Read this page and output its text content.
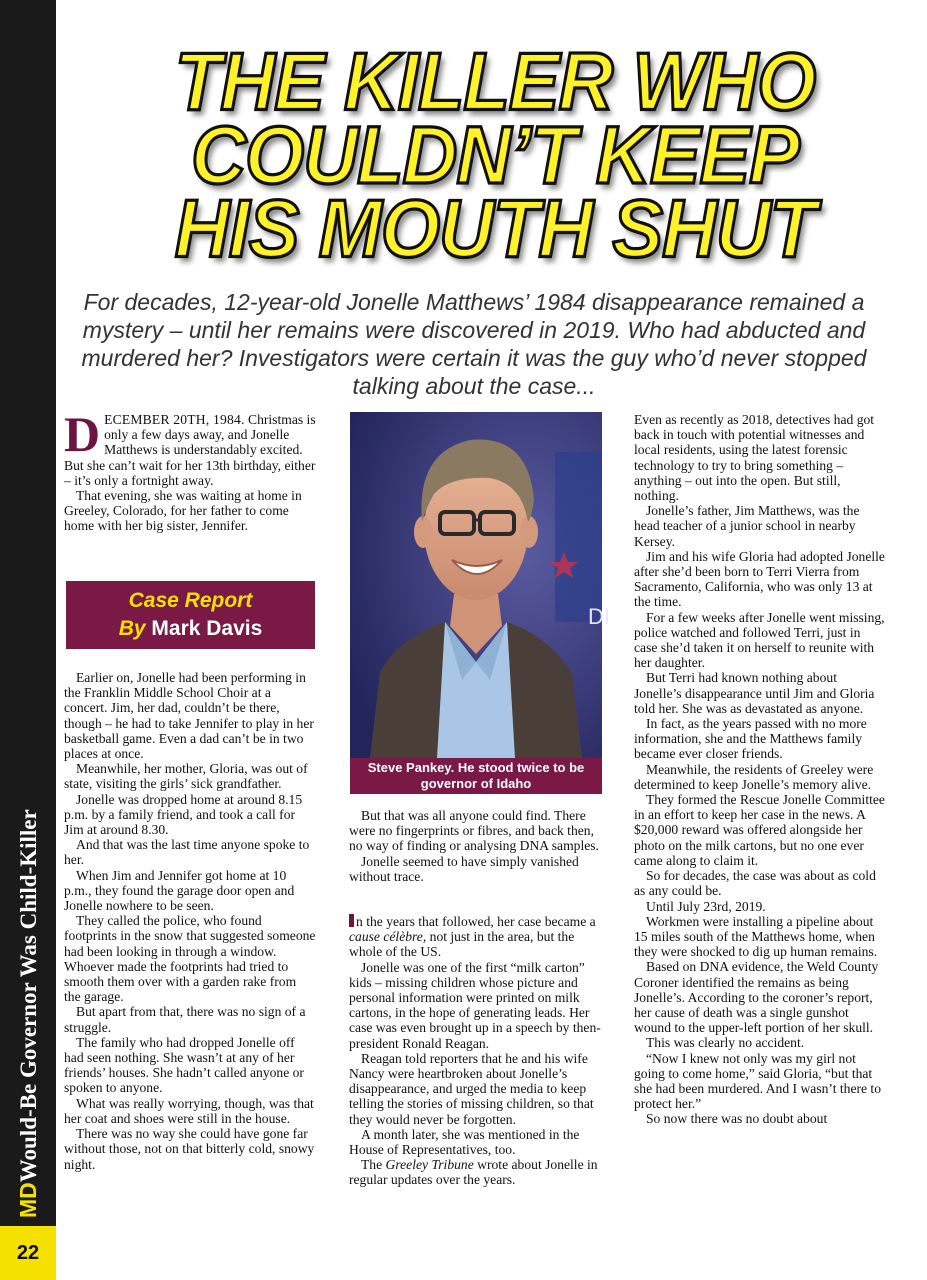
MDWould-Be Governor Was Child-Killer
22
THE KILLER WHO
COULDN’T KEEP
HIS MOUTH SHUT
For decades, 12-year-old Jonelle Matthews’ 1984 disappearance remained a mystery – until her remains were discovered in 2019. Who had abducted and murdered her? Investigators were certain it was the guy who’d never stopped talking about the case...

DECEMBER 20TH, 1984. Christmas is only a few days away, and Jonelle Matthews is understandably excited. But she can’t wait for her 13th birthday, either – it’s only a fortnight away.

That evening, she was waiting at home in Greeley, Colorado, for her father to come home with her big sister, Jennifer.

Case Report
By Mark Davis

Earlier on, Jonelle had been performing in the Franklin Middle School Choir at a concert. Jim, her dad, couldn’t be there, though – he had to take Jennifer to play in her basketball game. Even a dad can’t be in two places at once.

Meanwhile, her mother, Gloria, was out of state, visiting the girls’ sick grandfather.

Jonelle was dropped home at around 8.15 p.m. by a family friend, and took a call for Jim at around 8.30.

And that was the last time anyone spoke to her.

When Jim and Jennifer got home at 10 p.m., they found the garage door open and Jonelle nowhere to be seen.

They called the police, who found footprints in the snow that suggested someone had been looking in through a window. Whoever made the footprints had tried to smooth them over with a garden rake from the garage.

But apart from that, there was no sign of a struggle.

The family who had dropped Jonelle off had seen nothing. She wasn’t at any of her friends’ houses. She hadn’t called anyone or spoken to anyone.

What was really worrying, though, was that her coat and shoes were still in the house.

There was no way she could have gone far without those, not on that bitterly cold, snowy night.

DI
Steve Pankey. He stood twice to be governor of Idaho

But that was all anyone could find. There were no fingerprints or fibres, and back then, no way of finding or analysing DNA samples.

Jonelle seemed to have simply vanished without trace.

n the years that followed, her case became a cause célèbre, not just in the area, but the whole of the US.

Jonelle was one of the first “milk carton” kids – missing children whose picture and personal information were printed on milk cartons, in the hope of generating leads. Her case was even brought up in a speech by then-president Ronald Reagan.

Reagan told reporters that he and his wife Nancy were heartbroken about Jonelle’s disappearance, and urged the media to keep telling the stories of missing children, so that they would never be forgotten.

A month later, she was mentioned in the House of Representatives, too.

The Greeley Tribune wrote about Jonelle in regular updates over the years.

Even as recently as 2018, detectives had got back in touch with potential witnesses and local residents, using the latest forensic technology to try to bring something – anything – out into the open. But still, nothing.

Jonelle’s father, Jim Matthews, was the head teacher of a junior school in nearby Kersey.

Jim and his wife Gloria had adopted Jonelle after she’d been born to Terri Vierra from Sacramento, California, who was only 13 at the time.

For a few weeks after Jonelle went missing, police watched and followed Terri, just in case she’d taken it on herself to reunite with her daughter.

But Terri had known nothing about Jonelle’s disappearance until Jim and Gloria told her. She was as devastated as anyone.

In fact, as the years passed with no more information, she and the Matthews family became ever closer friends.

Meanwhile, the residents of Greeley were determined to keep Jonelle’s memory alive.

They formed the Rescue Jonelle Committee in an effort to keep her case in the news. A $20,000 reward was offered alongside her photo on the milk cartons, but no one ever came along to claim it.

So for decades, the case was about as cold as any could be.

Until July 23rd, 2019.

Workmen were installing a pipeline about 15 miles south of the Matthews home, when they were shocked to dig up human remains.

Based on DNA evidence, the Weld County Coroner identified the remains as being Jonelle’s. According to the coroner’s report, her cause of death was a single gunshot wound to the upper-left portion of her skull.

This was clearly no accident.

“Now I knew not only was my girl not going to come home,” said Gloria, “but that she had been murdered. And I wasn’t there to protect her.”

So now there was no doubt about
